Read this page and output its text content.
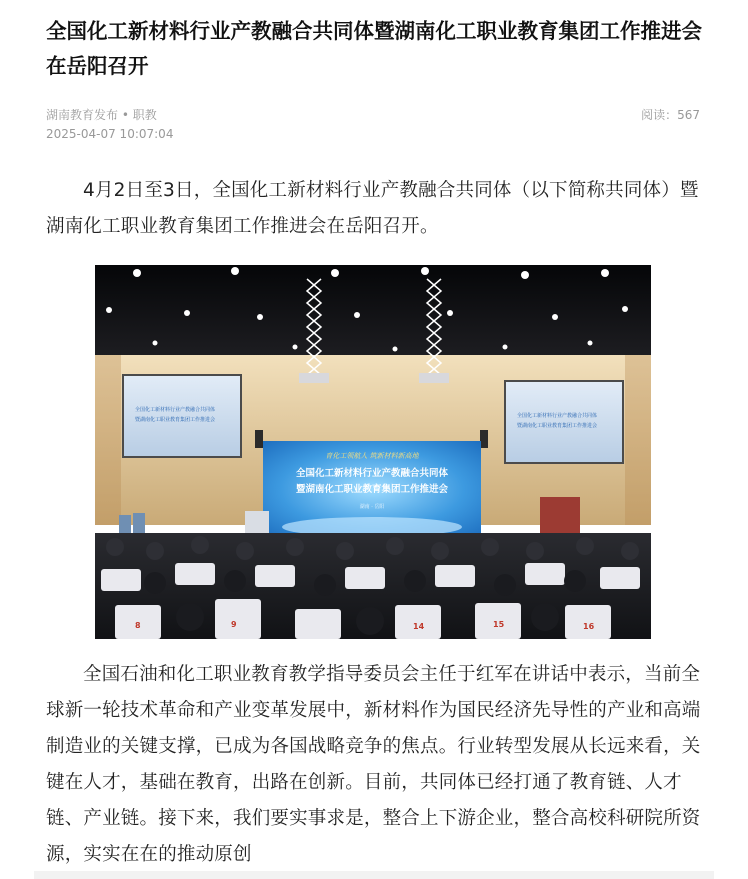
全国化工新材料行业产教融合共同体暨湖南化工职业教育集团工作推进会在岳阳召开
湖南教育发布 • 职教
2025-04-07 10:07:04
阅读：567

4月2日至3日，全国化工新材料行业产教融合共同体（以下简称共同体）暨湖南化工职业教育集团工作推进会在岳阳召开。

全国化工新材料行业产教融合共同体
暨湖南化工职业教育集团工作推进会
全国化工新材料行业产教融合共同体
暨湖南化工职业教育集团工作推进会
育化工领航人 筑新材料新高地
全国化工新材料行业产教融合共同体
暨湖南化工职业教育集团工作推进会
湖南 · 岳阳
8	9	14	15	16

全国石油和化工职业教育教学指导委员会主任于红军在讲话中表示，当前全球新一轮技术革命和产业变革发展中，新材料作为国民经济先导性的产业和高端制造业的关键支撑，已成为各国战略竞争的焦点。行业转型发展从长远来看，关键在人才，基础在教育，出路在创新。目前，共同体已经打通了教育链、人才链、产业链。接下来，我们要实事求是，整合上下游企业，整合高校科研院所资源，实实在在的推动原创
